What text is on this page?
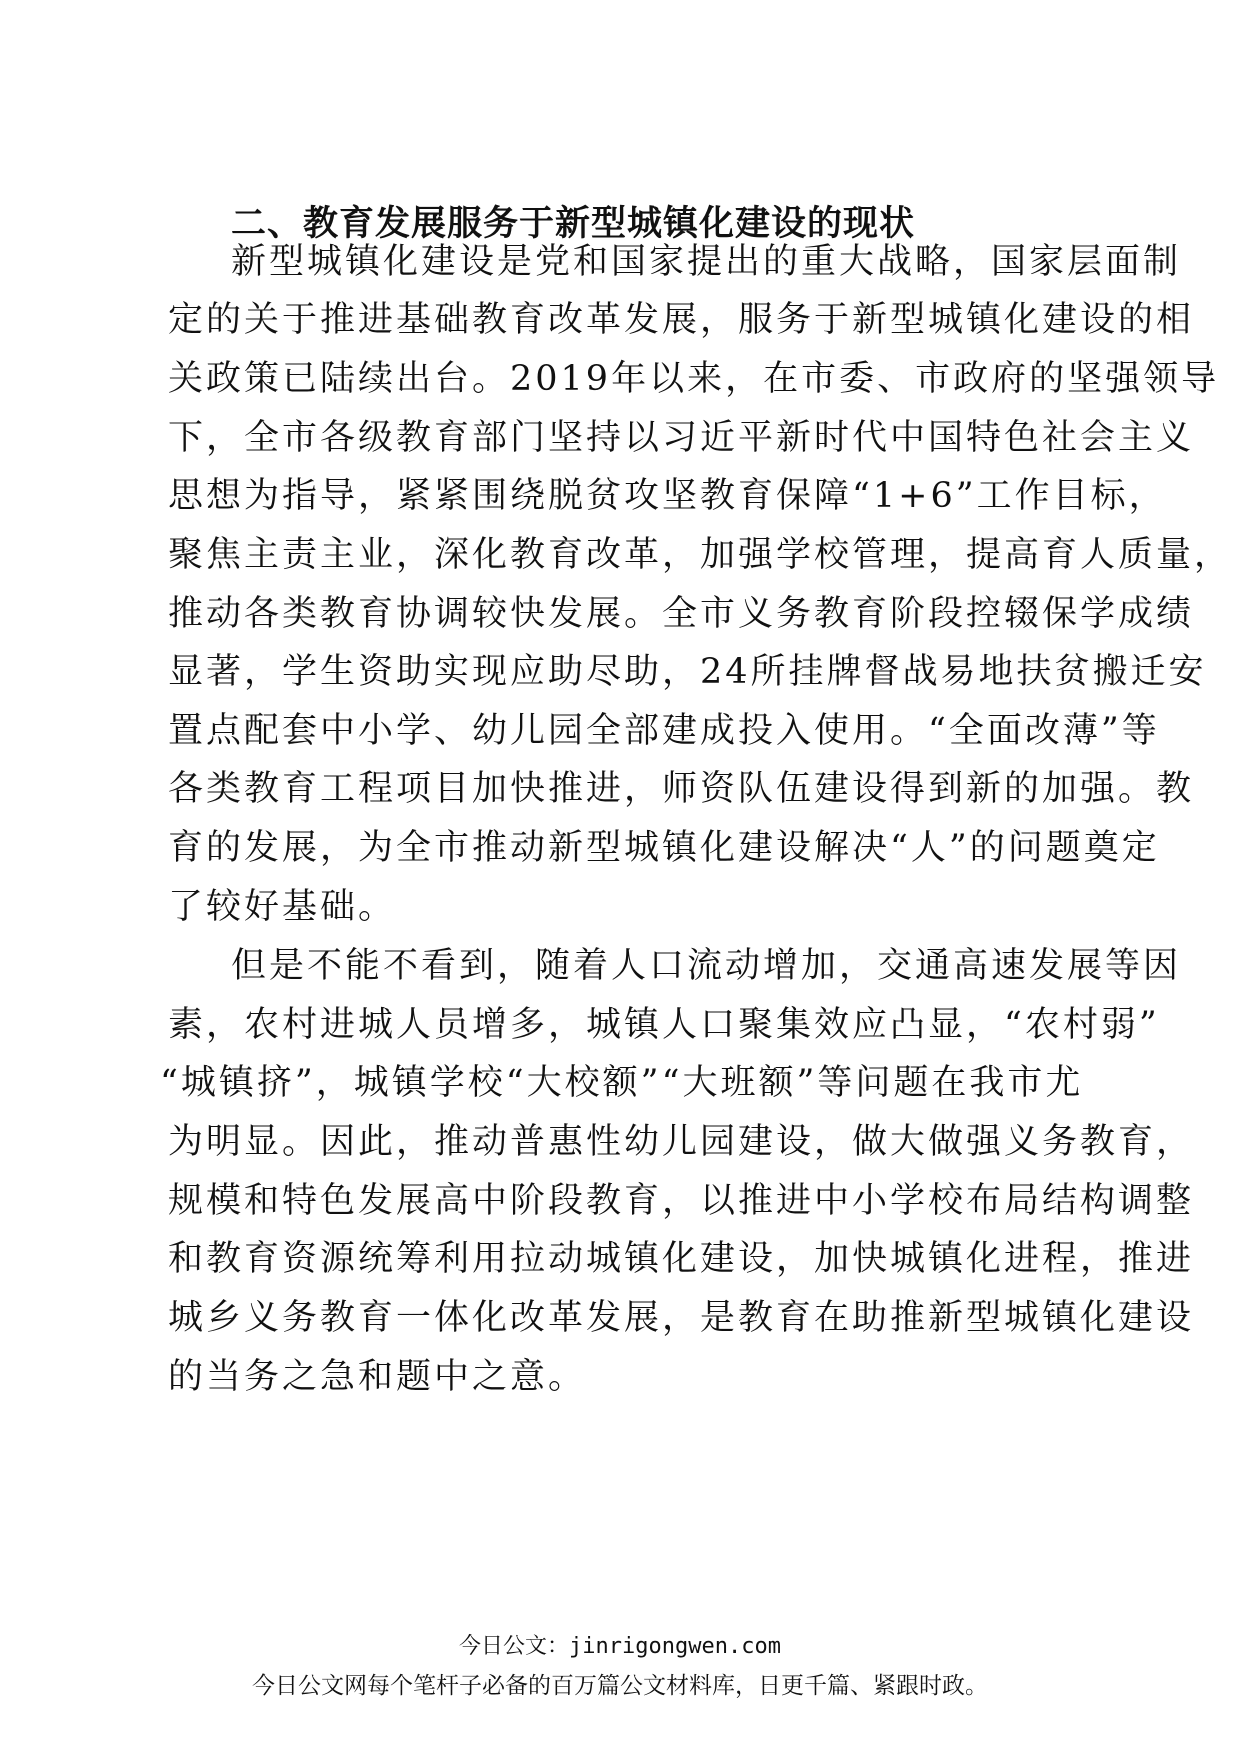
二、教育发展服务于新型城镇化建设的现状
新型城镇化建设是党和国家提出的重大战略，国家层面制
定的关于推进基础教育改革发展，服务于新型城镇化建设的相
关政策已陆续出台。2019年以来，在市委、市政府的坚强领导
下，全市各级教育部门坚持以习近平新时代中国特色社会主义
思想为指导，紧紧围绕脱贫攻坚教育保障“1+6”工作目标，
聚焦主责主业，深化教育改革，加强学校管理，提高育人质量，
推动各类教育协调较快发展。全市义务教育阶段控辍保学成绩
显著，学生资助实现应助尽助，24所挂牌督战易地扶贫搬迁安
置点配套中小学、幼儿园全部建成投入使用。“全面改薄”等
各类教育工程项目加快推进，师资队伍建设得到新的加强。教
育的发展，为全市推动新型城镇化建设解决“人”的问题奠定
了较好基础。
但是不能不看到，随着人口流动增加，交通高速发展等因
素，农村进城人员增多，城镇人口聚集效应凸显，“农村弱”
“城镇挤”，城镇学校“大校额”“大班额”等问题在我市尤
为明显。因此，推动普惠性幼儿园建设，做大做强义务教育，
规模和特色发展高中阶段教育，以推进中小学校布局结构调整
和教育资源统筹利用拉动城镇化建设，加快城镇化进程，推进
城乡义务教育一体化改革发展，是教育在助推新型城镇化建设
的当务之急和题中之意。
今日公文：jinrigongwen.com
今日公文网每个笔杆子必备的百万篇公文材料库，日更千篇、紧跟时政。
